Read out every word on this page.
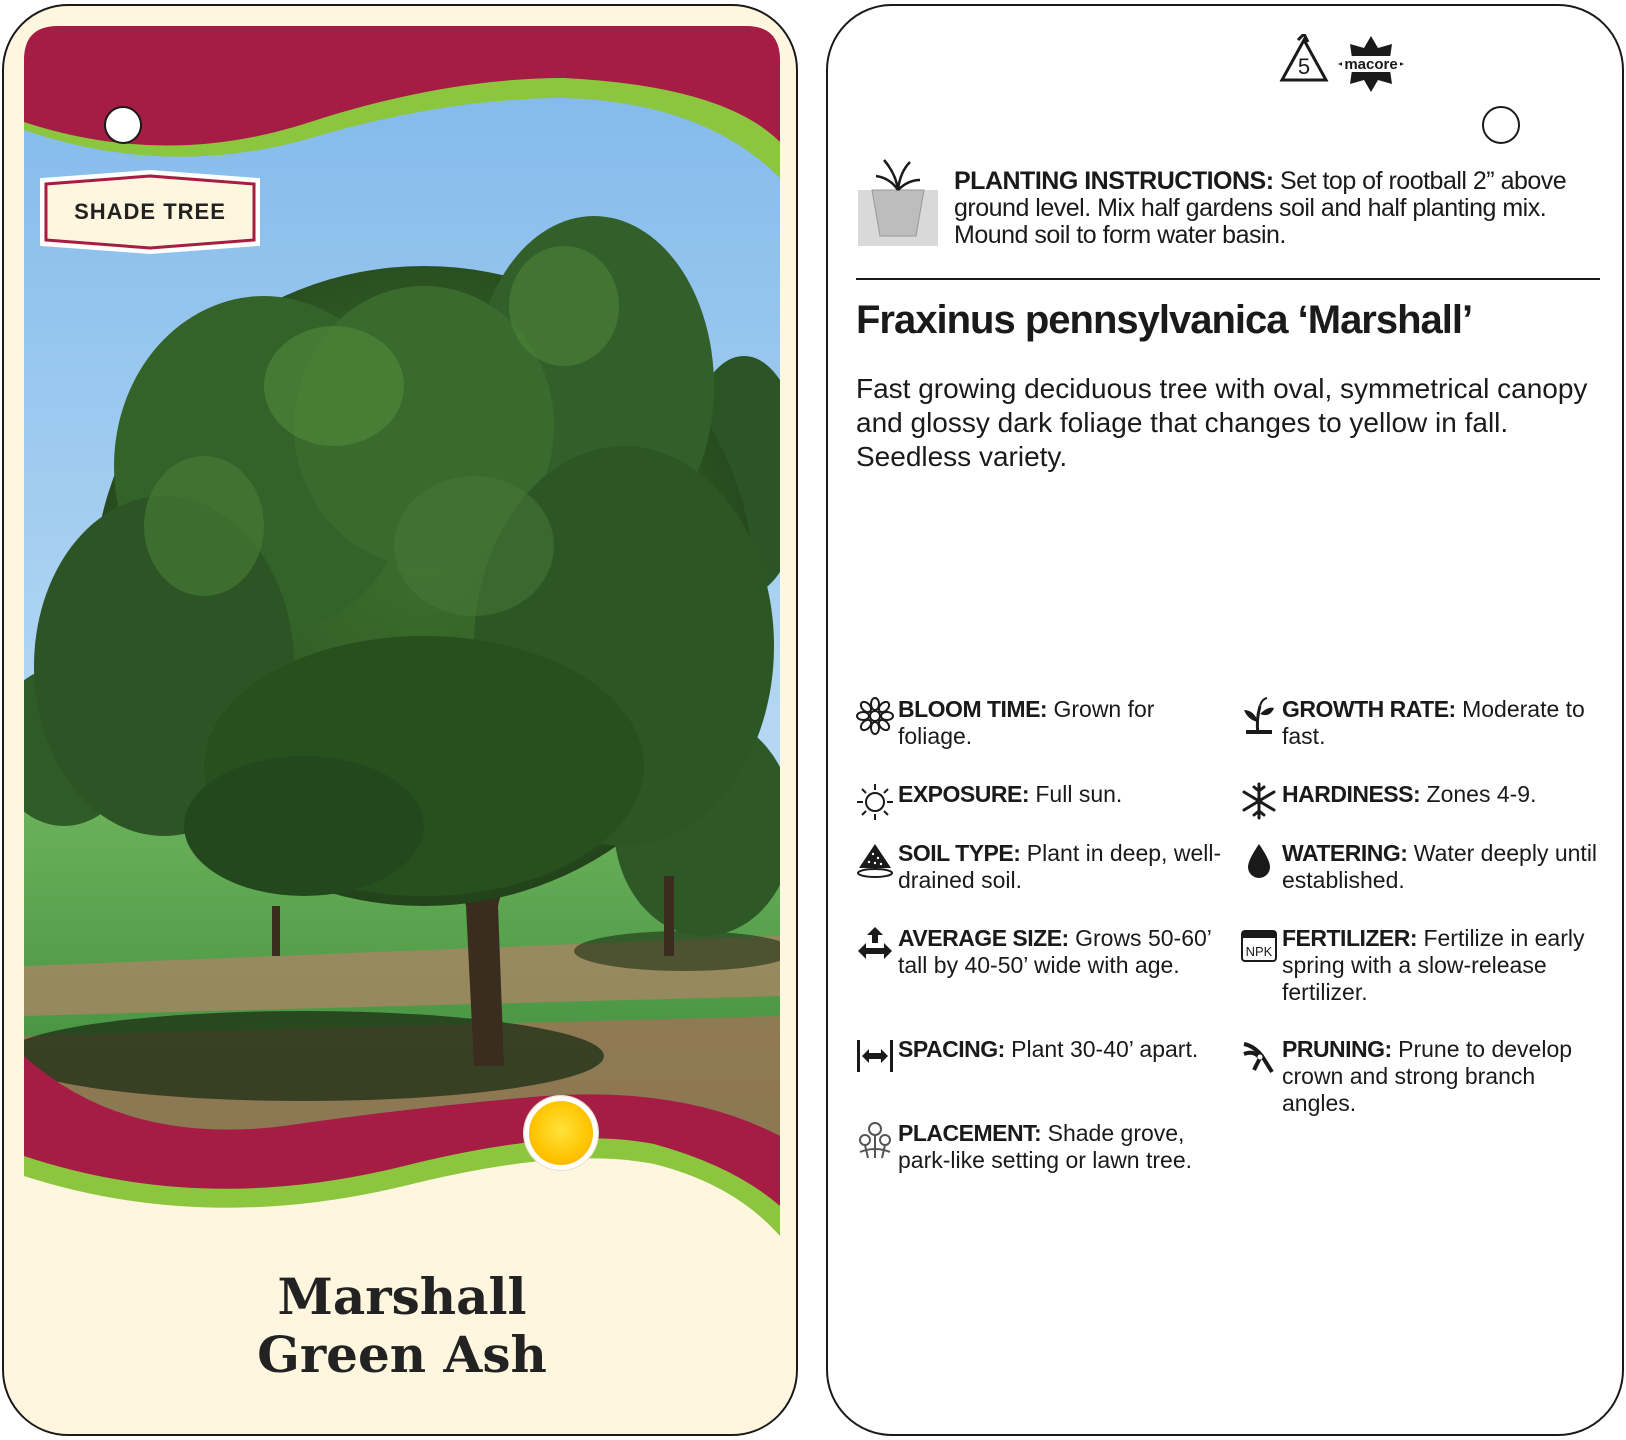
SHADE TREE
Marshall
Green Ash
5 macore
PLANTING INSTRUCTIONS: Set top of rootball 2” above ground level. Mix half gardens soil and half planting mix. Mound soil to form water basin.
Fraxinus pennsylvanica ‘Marshall’
Fast growing deciduous tree with oval, symmetrical canopy and glossy dark foliage that changes to yellow in fall. Seedless variety.
BLOOM TIME: Grown for foliage.
EXPOSURE: Full sun.
SOIL TYPE: Plant in deep, well-drained soil.
AVERAGE SIZE: Grows 50-60’ tall by 40-50’ wide with age.
SPACING: Plant 30-40’ apart.
PLACEMENT: Shade grove, park-like setting or lawn tree.
GROWTH RATE: Moderate to fast.
HARDINESS: Zones 4-9.
WATERING: Water deeply until established.
NPK
FERTILIZER: Fertilize in early spring with a slow-release fertilizer.
PRUNING: Prune to develop crown and strong branch angles.
